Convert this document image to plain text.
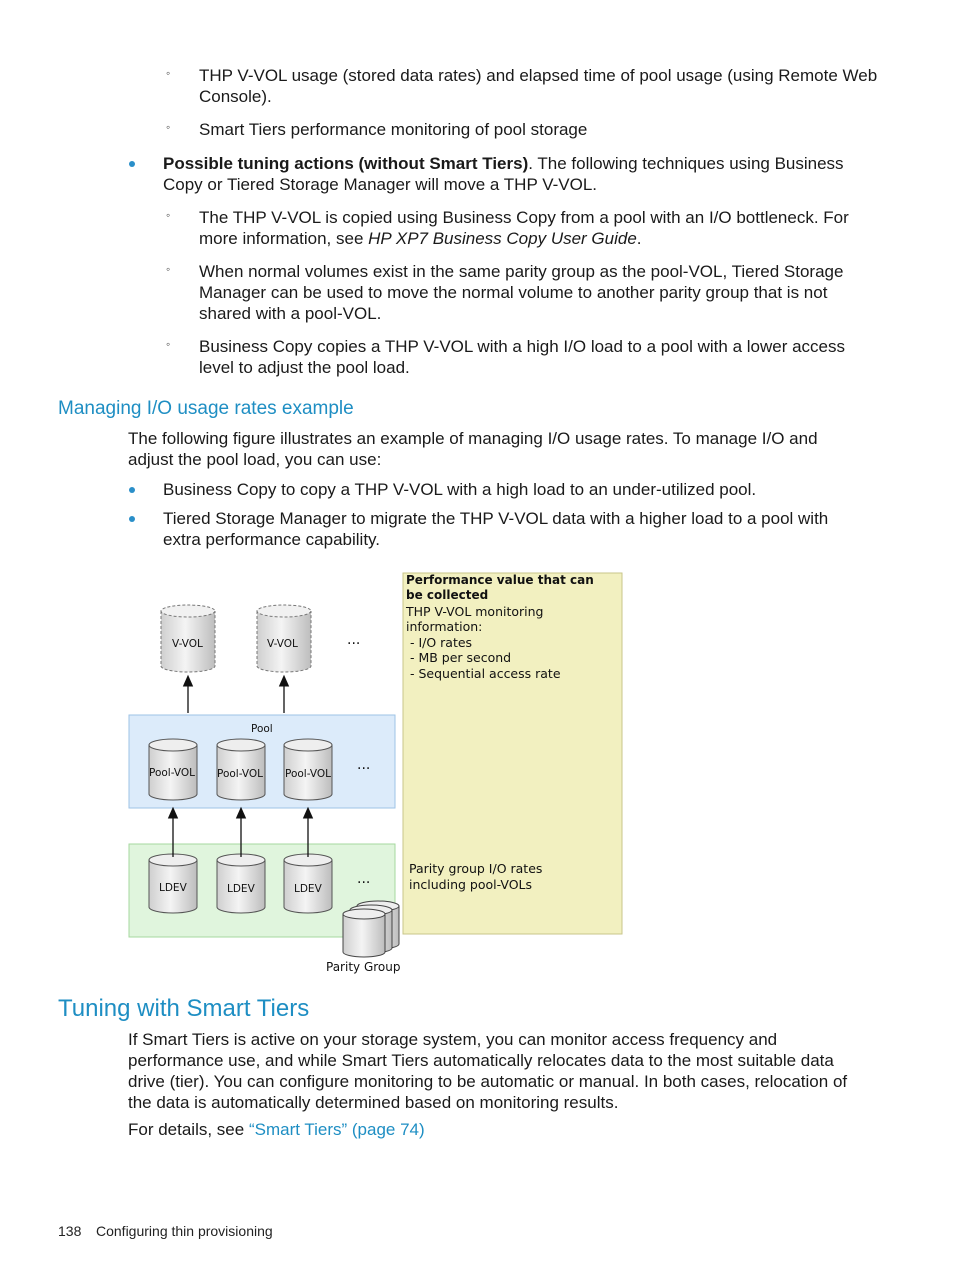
◦ THP V-VOL usage (stored data rates) and elapsed time of pool usage (using Remote Web Console).
◦ Smart Tiers performance monitoring of pool storage
Possible tuning actions (without Smart Tiers). The following techniques using Business Copy or Tiered Storage Manager will move a THP V-VOL.
◦ The THP V-VOL is copied using Business Copy from a pool with an I/O bottleneck. For more information, see HP XP7 Business Copy User Guide.
◦ When normal volumes exist in the same parity group as the pool-VOL, Tiered Storage Manager can be used to move the normal volume to another parity group that is not shared with a pool-VOL.
◦ Business Copy copies a THP V-VOL with a high I/O load to a pool with a lower access level to adjust the pool load.
Managing I/O usage rates example
The following figure illustrates an example of managing I/O usage rates. To manage I/O and adjust the pool load, you can use:
Business Copy to copy a THP V-VOL with a high load to an under-utilized pool.
Tiered Storage Manager to migrate the THP V-VOL data with a higher load to a pool with extra performance capability.
Performance value that can
be collected
THP V-VOL monitoring
information:
- I/O rates
- MB per second
- Sequential access rate
Parity group I/O rates
including pool-VOLs
Pool
V-VOL	V-VOL	...
Pool-VOL Pool-VOL Pool-VOL
...
LDEV	LDEV	LDEV
...
Parity Group
Tuning with Smart Tiers
If Smart Tiers is active on your storage system, you can monitor access frequency and performance use, and while Smart Tiers automatically relocates data to the most suitable data drive (tier). You can configure monitoring to be automatic or manual. In both cases, relocation of the data is automatically determined based on monitoring results.
For details, see “Smart Tiers” (page 74)
138 Configuring thin provisioning
